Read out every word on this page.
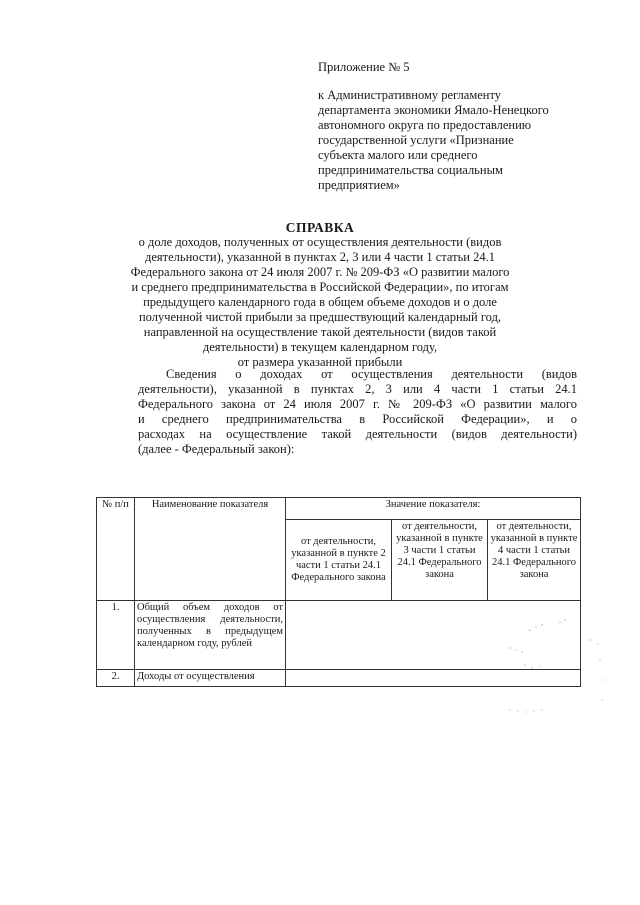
Приложение № 5
к Административному регламенту
департамента экономики Ямало-Ненецкого
автономного округа по предоставлению
государственной услуги «Признание
субъекта малого или среднего
предпринимательства социальным
предприятием»
СПРАВКА
о доле доходов, полученных от осуществления деятельности (видов
деятельности), указанной в пунктах 2, 3 или 4 части 1 статьи 24.1
Федерального закона от 24 июля 2007 г. № 209-ФЗ «О развитии малого
и среднего предпринимательства в Российской Федерации», по итогам
предыдущего календарного года в общем объеме доходов и о доле
полученной чистой прибыли за предшествующий календарный год,
направленной на осуществление такой деятельности (видов такой
деятельности) в текущем календарном году,
от размера указанной прибыли
Сведения о доходах от осуществления деятельности (видов
деятельности), указанной в пунктах 2, 3 или 4 части 1 статьи 24.1
Федерального закона от 24 июля 2007 г. № 209-ФЗ «О развитии малого
и среднего предпринимательства в Российской Федерации», и о
расходах на осуществление такой деятельности (видов деятельности)
(далее - Федеральный закон):
№ п/п	Наименование показателя	Значение показателя:		
		от деятельности, указанной в пункте 2 части 1 статьи 24.1 Федерального закона	от деятельности, указанной в пункте 3 части 1 статьи 24.1 Федерального закона	от деятельности, указанной в пункте 4 части 1 статьи 24.1 Федерального закона
1.	Общий объем доходов от осуществления деятельности, полученных в предыдущем календарном году, рублей			
2.	Доходы от осуществления			
